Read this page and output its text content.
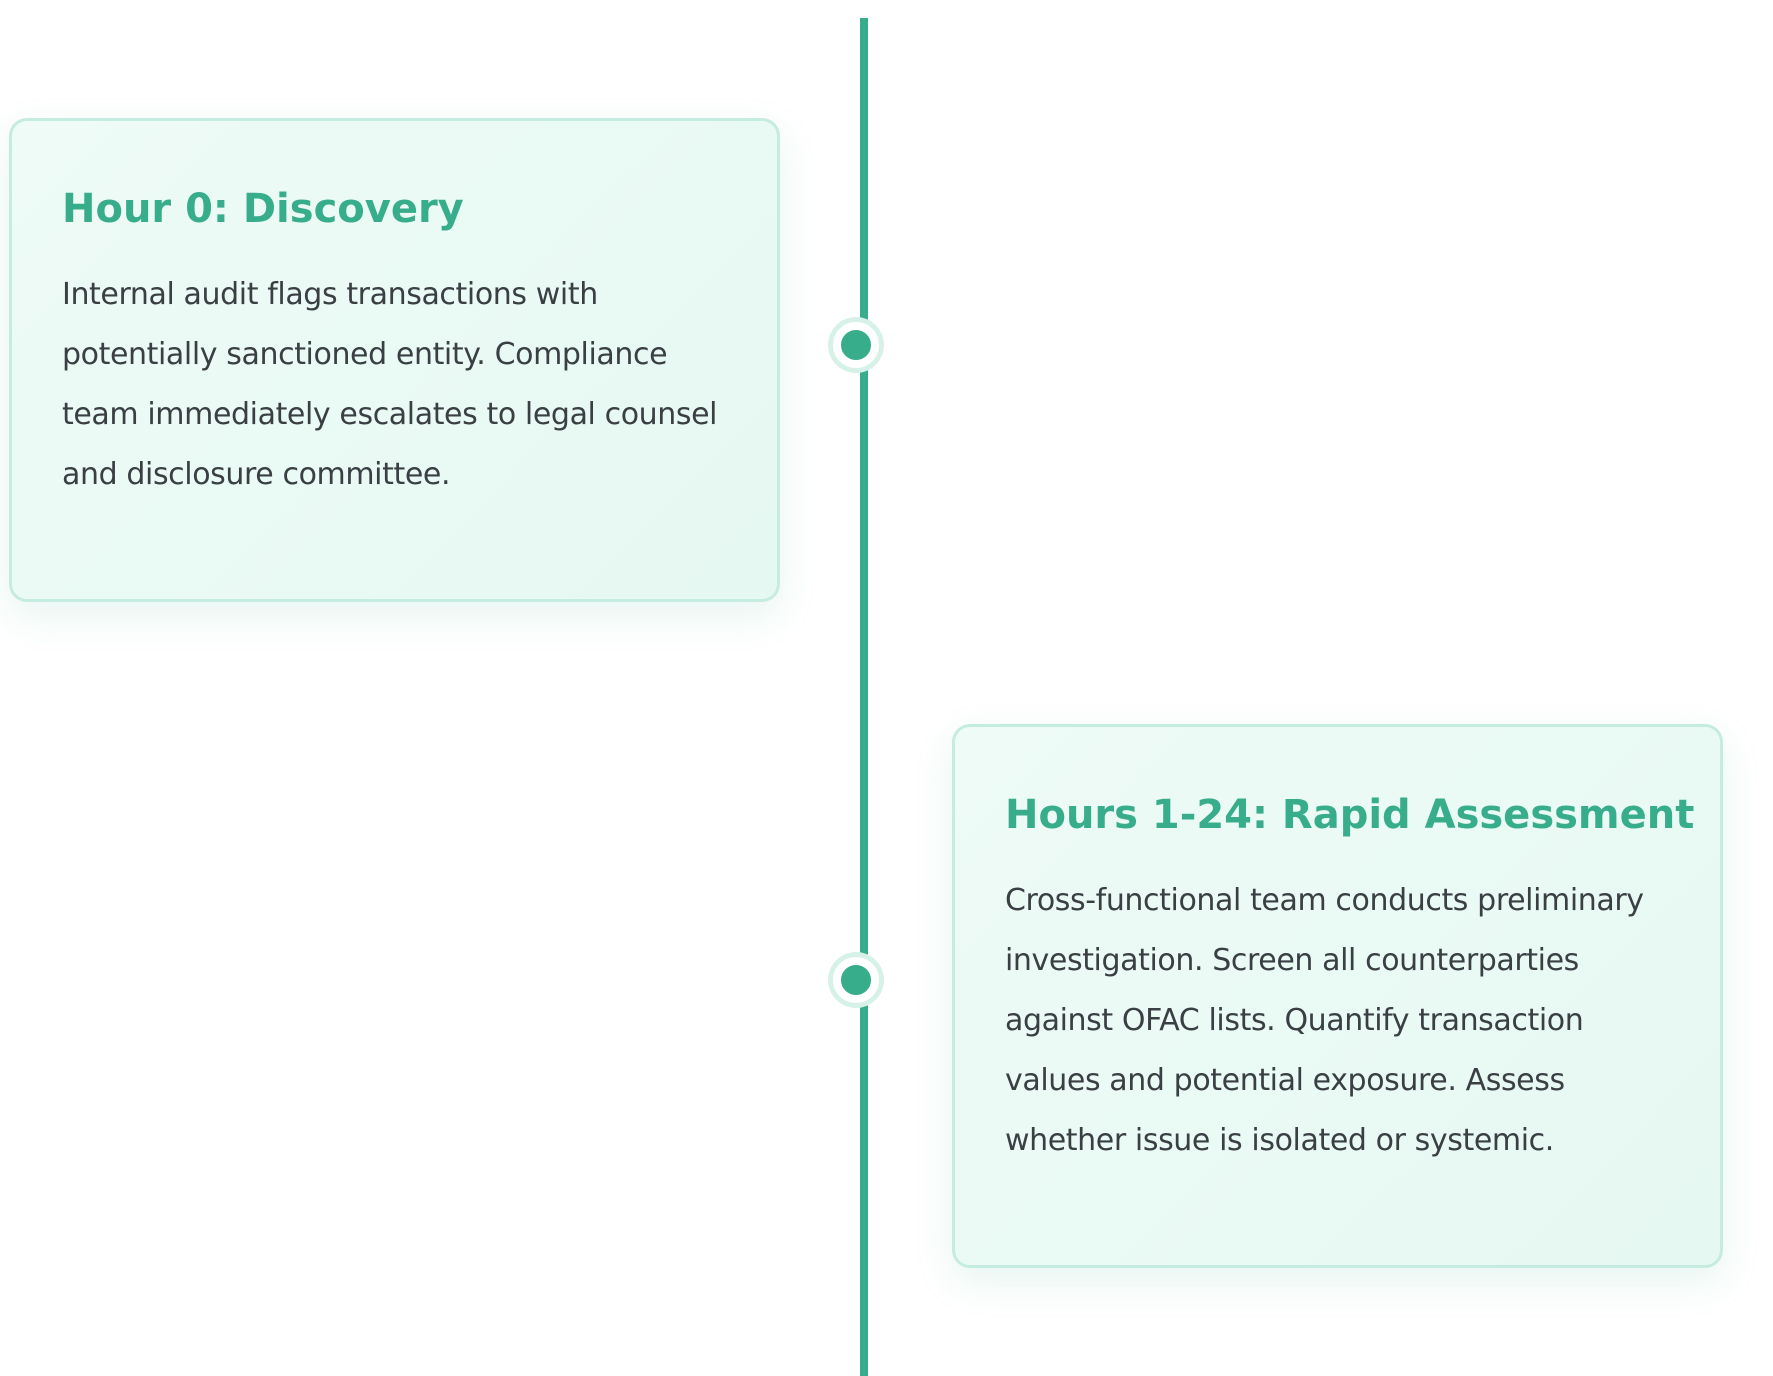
Hour 0: Discovery

Internal audit flags transactions with potentially sanctioned entity. Compliance team immediately escalates to legal counsel and disclosure committee.

Hours 1-24: Rapid Assessment

Cross-functional team conducts preliminary investigation. Screen all counterparties against OFAC lists. Quantify transaction values and potential exposure. Assess whether issue is isolated or systemic.
